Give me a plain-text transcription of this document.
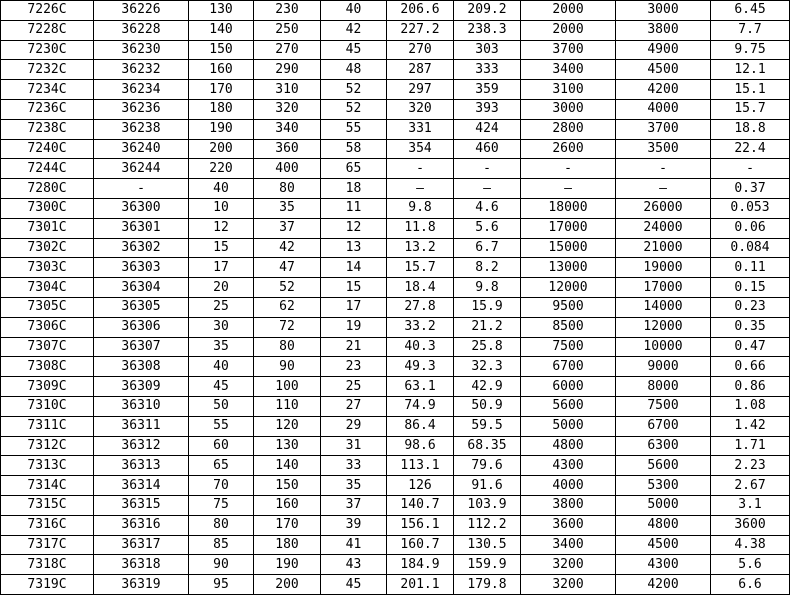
7226C	36226	130	230	40	206.6	209.2	2000	3000	6.45
7228C	36228	140	250	42	227.2	238.3	2000	3800	7.7
7230C	36230	150	270	45	270	303	3700	4900	9.75
7232C	36232	160	290	48	287	333	3400	4500	12.1
7234C	36234	170	310	52	297	359	3100	4200	15.1
7236C	36236	180	320	52	320	393	3000	4000	15.7
7238C	36238	190	340	55	331	424	2800	3700	18.8
7240C	36240	200	360	58	354	460	2600	3500	22.4
7244C	36244	220	400	65	-	-	-	-	-
7280C	-	40	80	18	—	—	—	—	0.37
7300C	36300	10	35	11	9.8	4.6	18000	26000	0.053
7301C	36301	12	37	12	11.8	5.6	17000	24000	0.06
7302C	36302	15	42	13	13.2	6.7	15000	21000	0.084
7303C	36303	17	47	14	15.7	8.2	13000	19000	0.11
7304C	36304	20	52	15	18.4	9.8	12000	17000	0.15
7305C	36305	25	62	17	27.8	15.9	9500	14000	0.23
7306C	36306	30	72	19	33.2	21.2	8500	12000	0.35
7307C	36307	35	80	21	40.3	25.8	7500	10000	0.47
7308C	36308	40	90	23	49.3	32.3	6700	9000	0.66
7309C	36309	45	100	25	63.1	42.9	6000	8000	0.86
7310C	36310	50	110	27	74.9	50.9	5600	7500	1.08
7311C	36311	55	120	29	86.4	59.5	5000	6700	1.42
7312C	36312	60	130	31	98.6	68.35	4800	6300	1.71
7313C	36313	65	140	33	113.1	79.6	4300	5600	2.23
7314C	36314	70	150	35	126	91.6	4000	5300	2.67
7315C	36315	75	160	37	140.7	103.9	3800	5000	3.1
7316C	36316	80	170	39	156.1	112.2	3600	4800	3600
7317C	36317	85	180	41	160.7	130.5	3400	4500	4.38
7318C	36318	90	190	43	184.9	159.9	3200	4300	5.6
7319C	36319	95	200	45	201.1	179.8	3200	4200	6.6
